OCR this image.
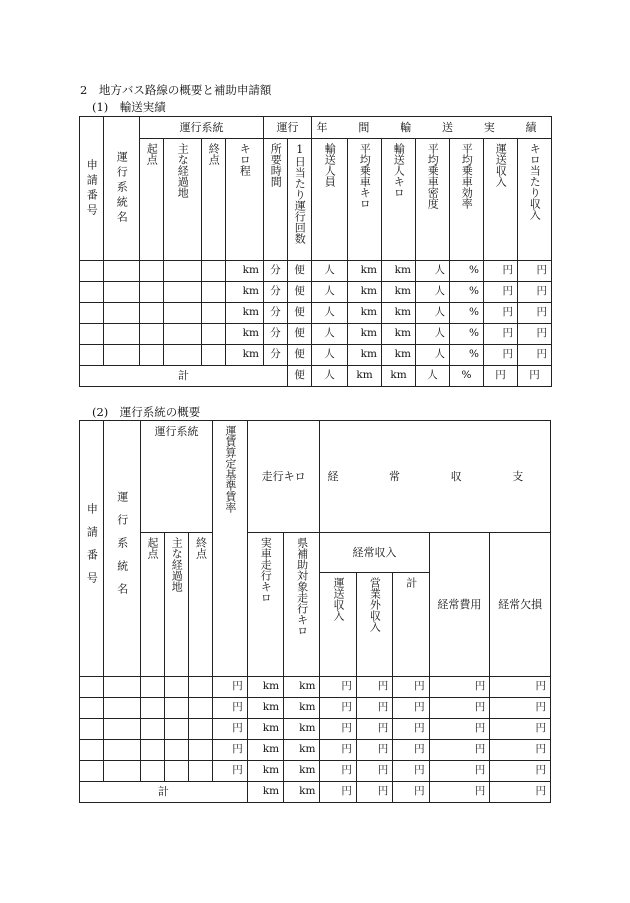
2　地方バス路線の概要と補助申請額
(1)　輸送実績
申請番号	運行系統名	運行系統				運行		年　間　輸　送　実　績						

		起点	主な経過地	終点	キロ程	所要時間	1日当たり運行回数	輸送人員	平均乗車キロ	輸送人キロ	平均乗車密度	平均乗車効率	運送収入	キロ当たり収入

					km	分	便	人	km	km	人	%	円	円
					km	分	便	人	km	km	人	%	円	円
					km	分	便	人	km	km	人	%	円	円
					km	分	便	人	km	km	人	%	円	円
					km	分	便	人	km	km	人	%	円	円
計							便	人	km	km	人	%	円	円
(2)　運行系統の概要
申請番号	運行系統名	運行系統			運賃算定基準賃率	走行キロ		経　常　収　支				

		起点	主な経過地	終点		実車走行キロ	県補助対象走行キロ	経常収入			経常費用	経常欠損

								運送収入	営業外収入	計		

					円	km	km	円	円	円	円	円
					円	km	km	円	円	円	円	円
					円	km	km	円	円	円	円	円
					円	km	km	円	円	円	円	円
					円	km	km	円	円	円	円	円
計						km	km	円	円	円	円	円
